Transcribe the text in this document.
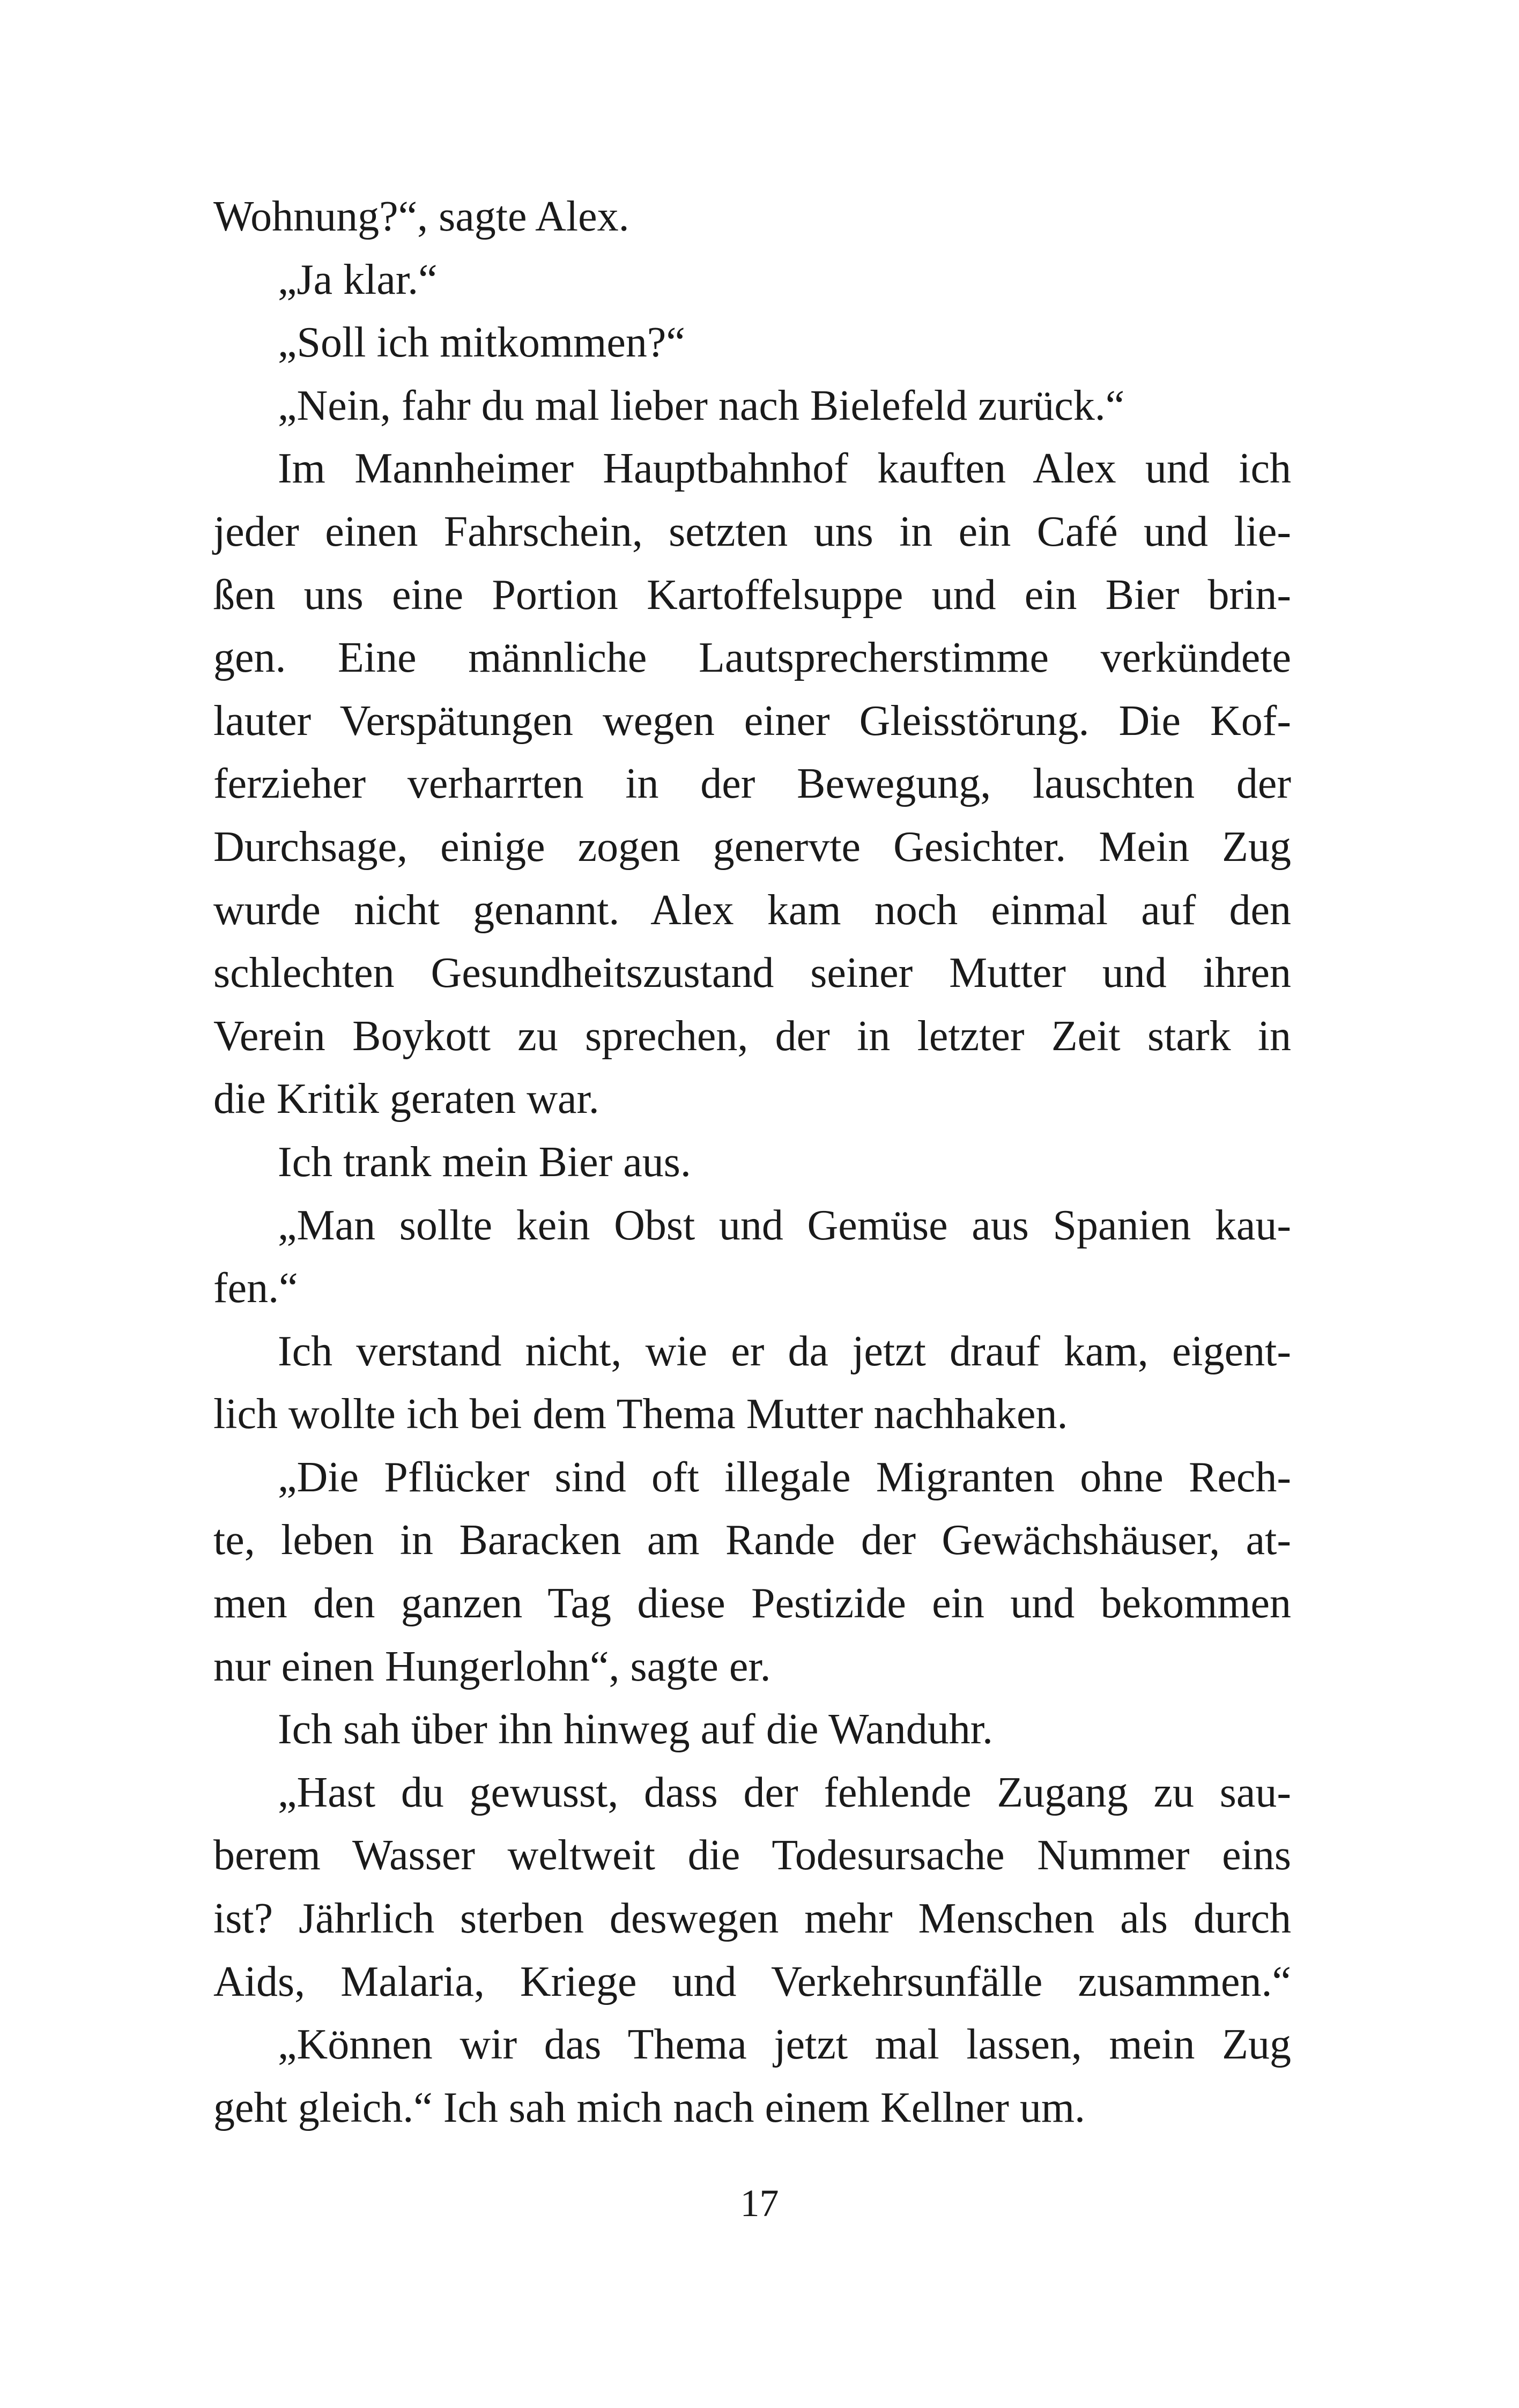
Wohnung?“, sagte Alex.
„Ja klar.“
„Soll ich mitkommen?“
„Nein, fahr du mal lieber nach Bielefeld zurück.“
Im Mannheimer Hauptbahnhof kauften Alex und ich
jeder einen Fahrschein, setzten uns in ein Café und lie-
ßen uns eine Portion Kartoffelsuppe und ein Bier brin-
gen. Eine männliche Lautsprecherstimme verkündete
lauter Verspätungen wegen einer Gleisstörung. Die Kof-
ferzieher verharrten in der Bewegung, lauschten der
Durchsage, einige zogen genervte Gesichter. Mein Zug
wurde nicht genannt. Alex kam noch einmal auf den
schlechten Gesundheitszustand seiner Mutter und ihren
Verein Boykott zu sprechen, der in letzter Zeit stark in
die Kritik geraten war.
Ich trank mein Bier aus.
„Man sollte kein Obst und Gemüse aus Spanien kau-
fen.“
Ich verstand nicht, wie er da jetzt drauf kam, eigent-
lich wollte ich bei dem Thema Mutter nachhaken.
„Die Pflücker sind oft illegale Migranten ohne Rech-
te, leben in Baracken am Rande der Gewächshäuser, at-
men den ganzen Tag diese Pestizide ein und bekommen
nur einen Hungerlohn“, sagte er.
Ich sah über ihn hinweg auf die Wanduhr.
„Hast du gewusst, dass der fehlende Zugang zu sau-
berem Wasser weltweit die Todesursache Nummer eins
ist? Jährlich sterben deswegen mehr Menschen als durch
Aids, Malaria, Kriege und Verkehrsunfälle zusammen.“
„Können wir das Thema jetzt mal lassen, mein Zug
geht gleich.“ Ich sah mich nach einem Kellner um.
17
